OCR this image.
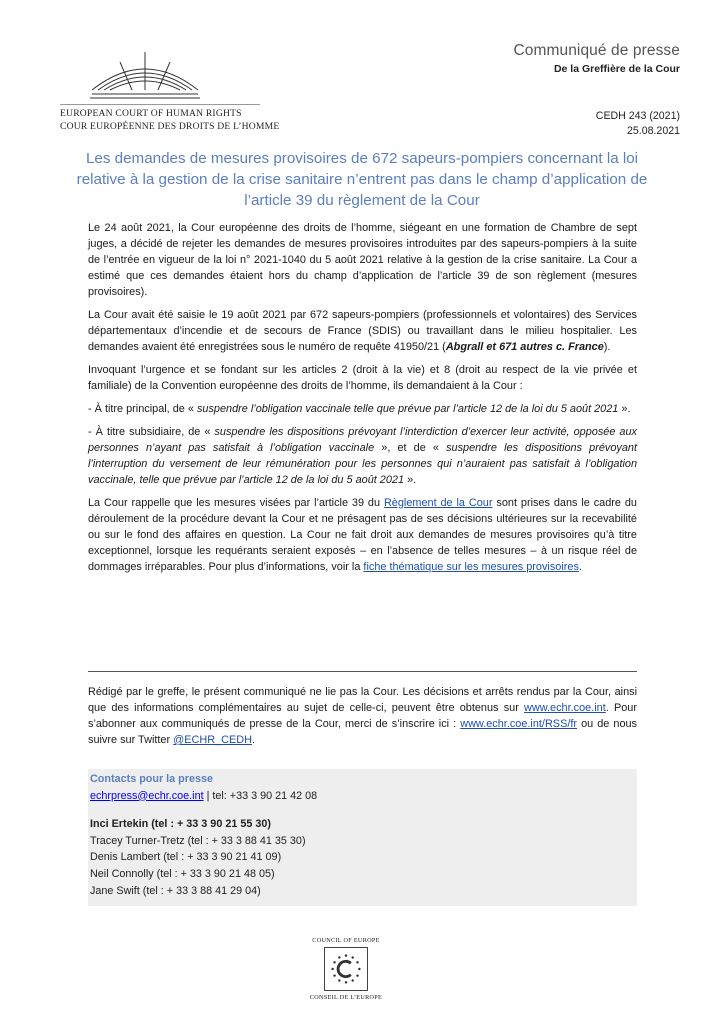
EUROPEAN COURT OF HUMAN RIGHTS
COUR EUROPÉENNE DES DROITS DE L’HOMME
Communiqué de presse
De la Greffière de la Cour
CEDH 243 (2021)
25.08.2021
Les demandes de mesures provisoires de 672 sapeurs-pompiers concernant la loi relative à la gestion de la crise sanitaire n’entrent pas dans le champ d’application de l’article 39 du règlement de la Cour

Le 24 août 2021, la Cour européenne des droits de l’homme, siégeant en une formation de Chambre de sept juges, a décidé de rejeter les demandes de mesures provisoires introduites par des sapeurs-pompiers à la suite de l’entrée en vigueur de la loi n° 2021-1040 du 5 août 2021 relative à la gestion de la crise sanitaire. La Cour a estimé que ces demandes étaient hors du champ d’application de l’article 39 de son règlement (mesures provisoires).

La Cour avait été saisie le 19 août 2021 par 672 sapeurs-pompiers (professionnels et volontaires) des Services départementaux d’incendie et de secours de France (SDIS) ou travaillant dans le milieu hospitalier. Les demandes avaient été enregistrées sous le numéro de requête 41950/21 (Abgrall et 671 autres c. France).

Invoquant l’urgence et se fondant sur les articles 2 (droit à la vie) et 8 (droit au respect de la vie privée et familiale) de la Convention européenne des droits de l’homme, ils demandaient à la Cour :

- À titre principal, de « suspendre l’obligation vaccinale telle que prévue par l’article 12 de la loi du 5 août 2021 ».

- À titre subsidiaire, de « suspendre les dispositions prévoyant l’interdiction d’exercer leur activité, opposée aux personnes n’ayant pas satisfait à l’obligation vaccinale », et de « suspendre les dispositions prévoyant l’interruption du versement de leur rémunération pour les personnes qui n’auraient pas satisfait à l’obligation vaccinale, telle que prévue par l’article 12 de la loi du 5 août 2021 ».

La Cour rappelle que les mesures visées par l’article 39 du Règlement de la Cour sont prises dans le cadre du déroulement de la procédure devant la Cour et ne présagent pas de ses décisions ultérieures sur la recevabilité ou sur le fond des affaires en question. La Cour ne fait droit aux demandes de mesures provisoires qu’à titre exceptionnel, lorsque les requérants seraient exposés – en l’absence de telles mesures – à un risque réel de dommages irréparables. Pour plus d’informations, voir la fiche thématique sur les mesures provisoires.

Rédigé par le greffe, le présent communiqué ne lie pas la Cour. Les décisions et arrêts rendus par la Cour, ainsi que des informations complémentaires au sujet de celle-ci, peuvent être obtenus sur www.echr.coe.int. Pour s’abonner aux communiqués de presse de la Cour, merci de s’inscrire ici : www.echr.coe.int/RSS/fr ou de nous suivre sur Twitter @ECHR_CEDH.
Contacts pour la presse
echrpress@echr.coe.int | tel: +33 3 90 21 42 08
Inci Ertekin (tel : + 33 3 90 21 55 30)
Tracey Turner-Tretz (tel : + 33 3 88 41 35 30)
Denis Lambert (tel : + 33 3 90 21 41 09)
Neil Connolly (tel : + 33 3 90 21 48 05)
Jane Swift (tel : + 33 3 88 41 29 04)
COUNCIL OF EUROPE
CONSEIL DE L’EUROPE
